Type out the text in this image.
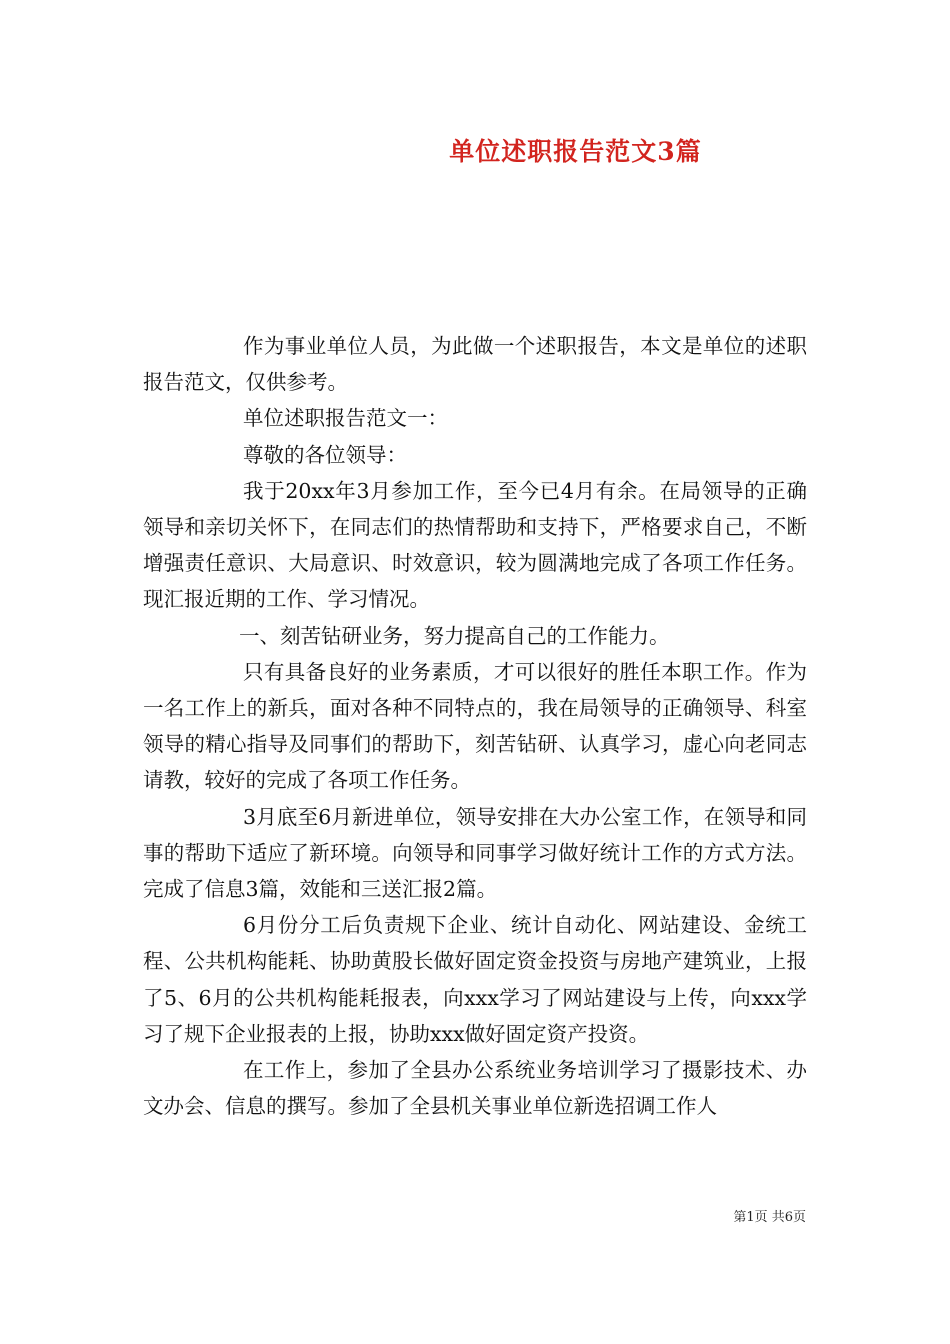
单位述职报告范文3篇

作为事业单位人员，为此做一个述职报告，本文是单位的述职报告范文，仅供参考。

单位述职报告范文一：

尊敬的各位领导：

我于20xx年3月参加工作，至今已4月有余。在局领导的正确领导和亲切关怀下，在同志们的热情帮助和支持下，严格要求自己，不断增强责任意识、大局意识、时效意识，较为圆满地完成了各项工作任务。现汇报近期的工作、学习情况。

一、刻苦钻研业务，努力提高自己的工作能力。

只有具备良好的业务素质，才可以很好的胜任本职工作。作为一名工作上的新兵，面对各种不同特点的，我在局领导的正确领导、科室领导的精心指导及同事们的帮助下，刻苦钻研、认真学习，虚心向老同志请教，较好的完成了各项工作任务。

3月底至6月新进单位，领导安排在大办公室工作，在领导和同事的帮助下适应了新环境。向领导和同事学习做好统计工作的方式方法。完成了信息3篇，效能和三送汇报2篇。

6月份分工后负责规下企业、统计自动化、网站建设、金统工程、公共机构能耗、协助黄股长做好固定资金投资与房地产建筑业，上报了5、6月的公共机构能耗报表，向xxx学习了网站建设与上传，向xxx学习了规下企业报表的上报，协助xxx做好固定资产投资。

在工作上，参加了全县办公系统业务培训学习了摄影技术、办文办会、信息的撰写。参加了全县机关事业单位新选招调工作人

第1页 共6页
